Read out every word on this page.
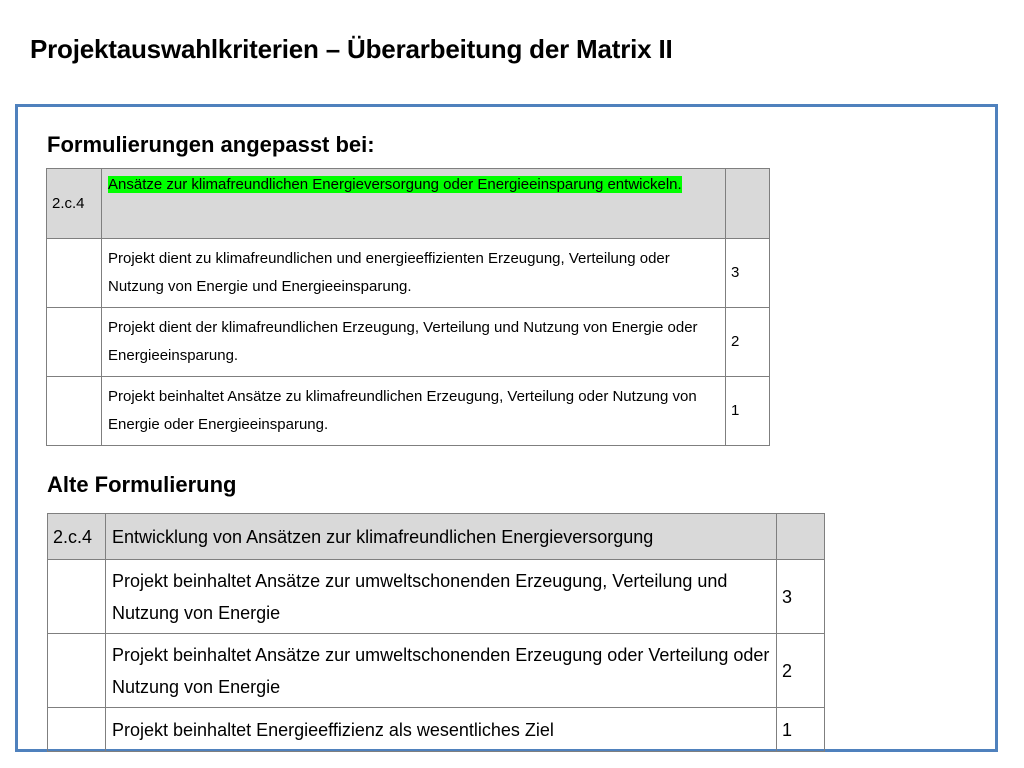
Projektauswahlkriterien – Überarbeitung der Matrix II
Formulierungen angepasst bei:
2.c.4	Ansätze zur klimafreundlichen Energieversorgung oder Energieeinsparung entwickeln.	
	Projekt dient zu klimafreundlichen und energieeffizienten Erzeugung, Verteilung oder Nutzung von Energie und Energieeinsparung.	3
	Projekt dient der klimafreundlichen Erzeugung, Verteilung und Nutzung von Energie oder Energieeinsparung.	2
	Projekt beinhaltet Ansätze zu klimafreundlichen Erzeugung, Verteilung oder Nutzung von Energie oder Energieeinsparung.	1
Alte Formulierung
2.c.4	Entwicklung von Ansätzen zur klimafreundlichen Energieversorgung	
	Projekt beinhaltet Ansätze zur umweltschonenden Erzeugung, Verteilung und Nutzung von Energie	3
	Projekt beinhaltet Ansätze zur umweltschonenden Erzeugung oder Verteilung oder Nutzung von Energie	2
	Projekt beinhaltet Energieeffizienz als wesentliches Ziel	1
